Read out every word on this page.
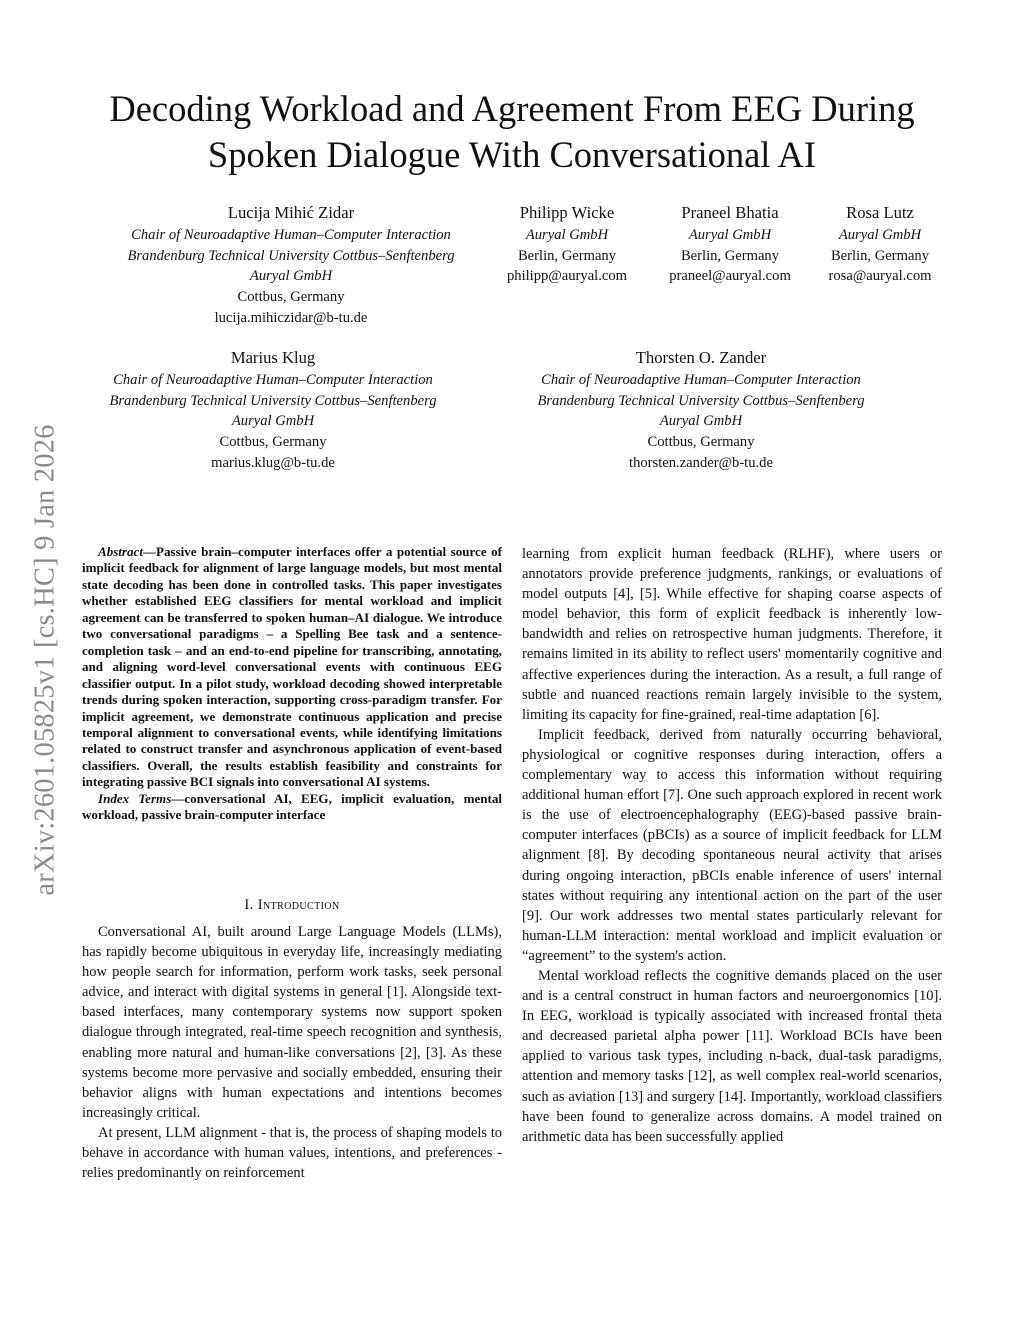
arXiv:2601.05825v1 [cs.HC] 9 Jan 2026
Decoding Workload and Agreement From EEG During Spoken Dialogue With Conversational AI
Lucija Mihić Zidar
Chair of Neuroadaptive Human–Computer Interaction
Brandenburg Technical University Cottbus–Senftenberg
Auryal GmbH
Cottbus, Germany
lucija.mihiczidar@b-tu.de
Philipp Wicke
Auryal GmbH
Berlin, Germany
philipp@auryal.com
Praneel Bhatia
Auryal GmbH
Berlin, Germany
praneel@auryal.com
Rosa Lutz
Auryal GmbH
Berlin, Germany
rosa@auryal.com
Marius Klug
Chair of Neuroadaptive Human–Computer Interaction
Brandenburg Technical University Cottbus–Senftenberg
Auryal GmbH
Cottbus, Germany
marius.klug@b-tu.de
Thorsten O. Zander
Chair of Neuroadaptive Human–Computer Interaction
Brandenburg Technical University Cottbus–Senftenberg
Auryal GmbH
Cottbus, Germany
thorsten.zander@b-tu.de
Abstract—Passive brain–computer interfaces offer a potential source of implicit feedback for alignment of large language models, but most mental state decoding has been done in controlled tasks. This paper investigates whether established EEG classifiers for mental workload and implicit agreement can be transferred to spoken human–AI dialogue. We introduce two conversational paradigms – a Spelling Bee task and a sentence-completion task – and an end-to-end pipeline for transcribing, annotating, and aligning word-level conversational events with continuous EEG classifier output. In a pilot study, workload decoding showed interpretable trends during spoken interaction, supporting cross-paradigm transfer. For implicit agreement, we demonstrate continuous application and precise temporal alignment to conversational events, while identifying limitations related to construct transfer and asynchronous application of event-based classifiers. Overall, the results establish feasibility and constraints for integrating passive BCI signals into conversational AI systems.
Index Terms—conversational AI, EEG, implicit evaluation, mental workload, passive brain-computer interface
I. Introduction

Conversational AI, built around Large Language Models (LLMs), has rapidly become ubiquitous in everyday life, increasingly mediating how people search for information, perform work tasks, seek personal advice, and interact with digital systems in general [1]. Alongside text-based interfaces, many contemporary systems now support spoken dialogue through integrated, real-time speech recognition and synthesis, enabling more natural and human-like conversations [2], [3]. As these systems become more pervasive and socially embedded, ensuring their behavior aligns with human expectations and intentions becomes increasingly critical.

At present, LLM alignment - that is, the process of shaping models to behave in accordance with human values, intentions, and preferences - relies predominantly on reinforcement

learning from explicit human feedback (RLHF), where users or annotators provide preference judgments, rankings, or evaluations of model outputs [4], [5]. While effective for shaping coarse aspects of model behavior, this form of explicit feedback is inherently low-bandwidth and relies on retrospective human judgments. Therefore, it remains limited in its ability to reflect users' momentarily cognitive and affective experiences during the interaction. As a result, a full range of subtle and nuanced reactions remain largely invisible to the system, limiting its capacity for fine-grained, real-time adaptation [6].

Implicit feedback, derived from naturally occurring behavioral, physiological or cognitive responses during interaction, offers a complementary way to access this information without requiring additional human effort [7]. One such approach explored in recent work is the use of electroencephalography (EEG)-based passive brain-computer interfaces (pBCIs) as a source of implicit feedback for LLM alignment [8]. By decoding spontaneous neural activity that arises during ongoing interaction, pBCIs enable inference of users' internal states without requiring any intentional action on the part of the user [9]. Our work addresses two mental states particularly relevant for human-LLM interaction: mental workload and implicit evaluation or “agreement” to the system's action.

Mental workload reflects the cognitive demands placed on the user and is a central construct in human factors and neuroergonomics [10]. In EEG, workload is typically associated with increased frontal theta and decreased parietal alpha power [11]. Workload BCIs have been applied to various task types, including n-back, dual-task paradigms, attention and memory tasks [12], as well complex real-world scenarios, such as aviation [13] and surgery [14]. Importantly, workload classifiers have been found to generalize across domains. A model trained on arithmetic data has been successfully applied
